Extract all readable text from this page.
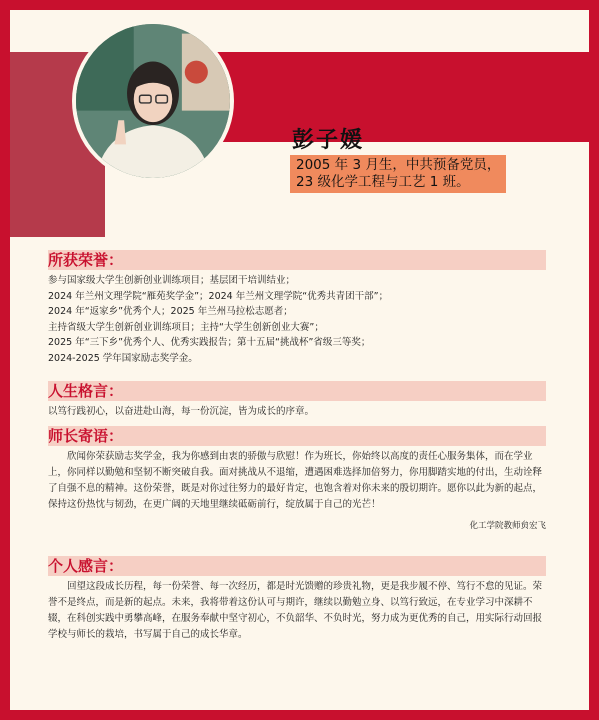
彭子媛
2005 年 3 月生，中共预备党员，
23 级化学工程与工艺 1 班。
所获荣誉：
参与国家级大学生创新创业训练项目；基层团干培训结业；
2024 年兰州文理学院“雁苑奖学金”；2024 年兰州文理学院“优秀共青团干部”；
2024 年“返家乡”优秀个人；2025 年兰州马拉松志愿者；
主持省级大学生创新创业训练项目；主持“大学生创新创业大赛”；
2025 年“三下乡”优秀个人、优秀实践报告；第十五届“挑战杯”省级三等奖；
2024-2025 学年国家励志奖学金。
人生格言：
以笃行践初心，以奋进赴山海，每一份沉淀，皆为成长的序章。
师长寄语：
欣闻你荣获励志奖学金，我为你感到由衷的骄傲与欣慰！作为班长，你始终以高度的责任心服务集体，而在学业上，你同样以勤勉和坚韧不断突破自我。面对挑战从不退缩，遭遇困难选择加倍努力，你用脚踏实地的付出，生动诠释了自强不息的精神。这份荣誉，既是对你过往努力的最好肯定，也饱含着对你未来的殷切期许。愿你以此为新的起点，保持这份热忱与韧劲，在更广阔的天地里继续砥砺前行，绽放属于自己的光芒！
化工学院教师贠宏飞
个人感言：
回望这段成长历程，每一份荣誉、每一次经历，都是时光馈赠的珍贵礼物，更是我步履不停、笃行不怠的见证。荣誉不是终点，而是新的起点。未来，我将带着这份认可与期许，继续以勤勉立身、以笃行致远，在专业学习中深耕不辍，在科创实践中勇攀高峰，在服务奉献中坚守初心，不负韶华、不负时光，努力成为更优秀的自己，用实际行动回报学校与师长的栽培，书写属于自己的成长华章。
